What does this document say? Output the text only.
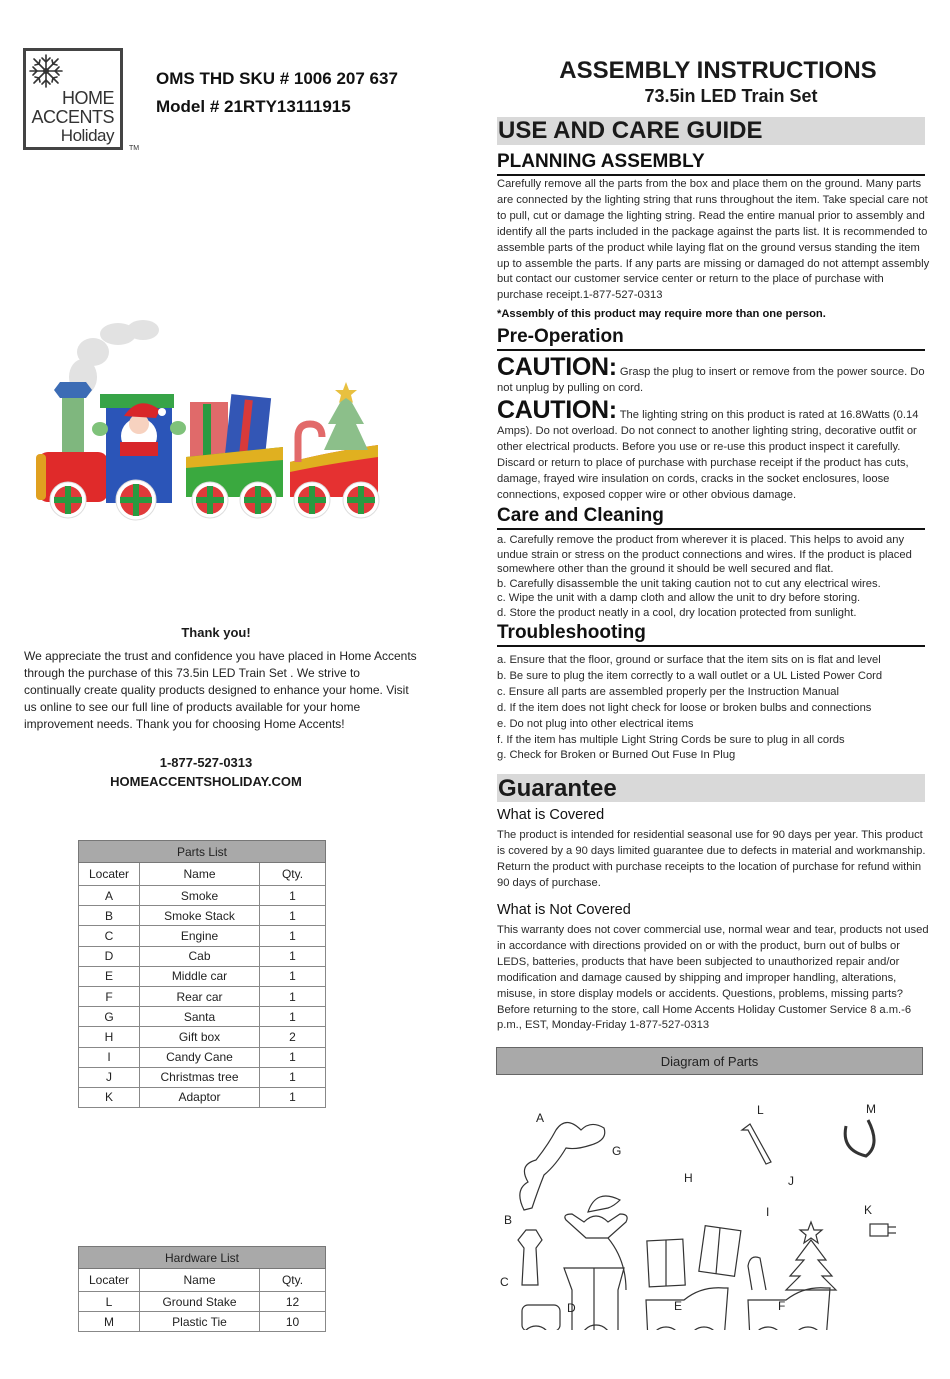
HOME
ACCENTS
Holiday
TM
OMS THD SKU # 1006 207 637
Model # 21RTY13111915
Thank you!
We appreciate the trust and confidence you have placed in Home Accents through the purchase of this 73.5in LED Train Set . We strive to continually create quality products designed to enhance your home. Visit us online to see our full line of products available for your home improvement needs. Thank you for choosing Home Accents!
1-877-527-0313
HOMEACCENTSHOLIDAY.COM
Parts List		
Locater	Name	Qty.
A	Smoke	1
B	Smoke Stack	1
C	Engine	1
D	Cab	1
E	Middle car	1
F	Rear car	1
G	Santa	1
H	Gift box	2
I	Candy Cane	1
J	Christmas tree	1
K	Adaptor	1
Hardware List		
Locater	Name	Qty.
L	Ground Stake	12
M	Plastic Tie	10
ASSEMBLY INSTRUCTIONS
73.5in LED Train Set
USE AND CARE GUIDE
PLANNING ASSEMBLY
Carefully remove all the parts from the box and place them on the ground. Many parts are connected by the lighting string that runs throughout the item. Take special care not to pull, cut or damage the lighting string. Read the entire manual prior to assembly and identify all the parts included in the package against the parts list. It is recommended to assemble parts of the product while laying flat on the ground versus standing the item up to assemble the parts. If any parts are missing or damaged do not attempt assembly but contact our customer service center or return to the place of purchase with purchase receipt.1-877-527-0313
*Assembly of this product may require more than one person.
Pre-Operation
CAUTION: Grasp the plug to insert or remove from the power source. Do not unplug by pulling on cord.
CAUTION: The lighting string on this product is rated at 16.8Watts (0.14 Amps). Do not overload. Do not connect to another lighting string, decorative outfit or other electrical products. Before you use or re-use this product inspect it carefully. Discard or return to place of purchase with purchase receipt if the product has cuts, damage, frayed wire insulation on cords, cracks in the socket enclosures, loose connections, exposed copper wire or other obvious damage.
Care and Cleaning
a. Carefully remove the product from wherever it is placed. This helps to avoid any undue strain or stress on the product connections and wires. If the product is placed somewhere other than the ground it should be well secured and flat.
b. Carefully disassemble the unit taking caution not to cut any electrical wires.
c. Wipe the unit with a damp cloth and allow the unit to dry before storing.
d. Store the product neatly in a cool, dry location protected from sunlight.
Troubleshooting
a. Ensure that the floor, ground or surface that the item sits on is flat and level
b. Be sure to plug the item correctly to a wall outlet or a UL Listed Power Cord
c. Ensure all parts are assembled properly per the Instruction Manual
d. If the item does not light check for loose or broken bulbs and connections
e. Do not plug into other electrical items
f. If the item has multiple Light String Cords be sure to plug in all cords
g. Check for Broken or Burned Out Fuse In Plug
Guarantee
What is Covered
The product is intended for residential seasonal use for 90 days per year. This product is covered by a 90 days limited guarantee due to defects in material and workmanship. Return the product with purchase receipts to the location of purchase for refund within 90 days of purchase.
What is Not Covered
This warranty does not cover commercial use, normal wear and tear, products not used in accordance with directions provided on or with the product, burn out of bulbs or LEDS, batteries, products that have been subjected to unauthorized repair and/or modification and damage caused by shipping and improper handling, alterations, misuse, in store display models or accidents. Questions, problems, missing parts? Before returning to the store, call Home Accents Holiday Customer Service 8 a.m.-6 p.m., EST, Monday-Friday 1-877-527-0313
Diagram of Parts
A
B
C
D	E	F
G
H
I
J
K
L	M
